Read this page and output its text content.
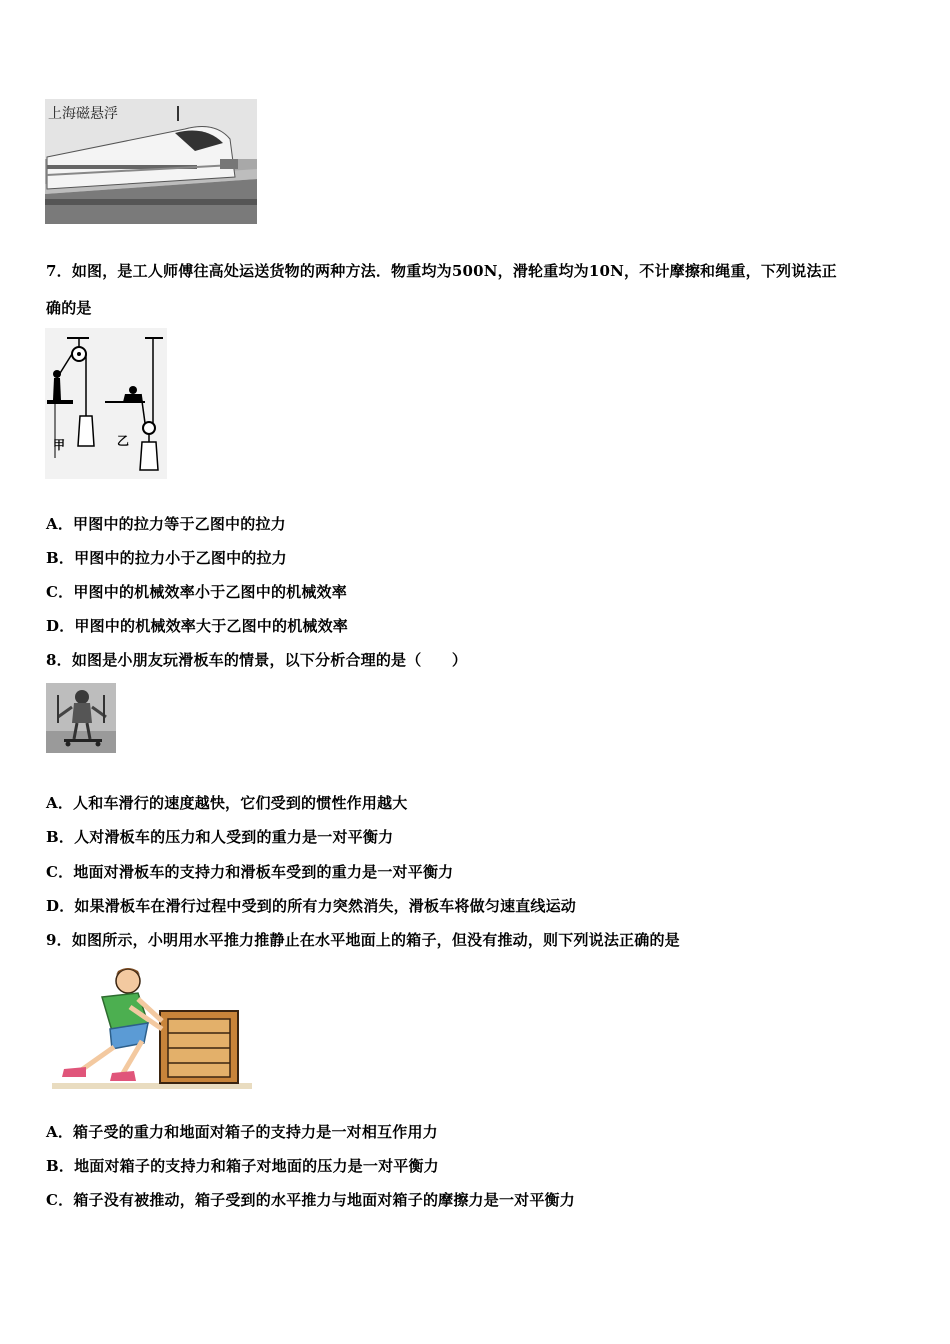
上海磁悬浮
7．如图，是工人师傅往高处运送货物的两种方法．物重均为500N，滑轮重均为10N，不计摩擦和绳重，下列说法正
确的是
甲	乙
A．甲图中的拉力等于乙图中的拉力
B．甲图中的拉力小于乙图中的拉力
C．甲图中的机械效率小于乙图中的机械效率
D．甲图中的机械效率大于乙图中的机械效率
8．如图是小朋友玩滑板车的情景，以下分析合理的是（　　）
A．人和车滑行的速度越快，它们受到的惯性作用越大
B．人对滑板车的压力和人受到的重力是一对平衡力
C．地面对滑板车的支持力和滑板车受到的重力是一对平衡力
D．如果滑板车在滑行过程中受到的所有力突然消失，滑板车将做匀速直线运动
9．如图所示，小明用水平推力推静止在水平地面上的箱子，但没有推动，则下列说法正确的是
A．箱子受的重力和地面对箱子的支持力是一对相互作用力
B．地面对箱子的支持力和箱子对地面的压力是一对平衡力
C．箱子没有被推动，箱子受到的水平推力与地面对箱子的摩擦力是一对平衡力
